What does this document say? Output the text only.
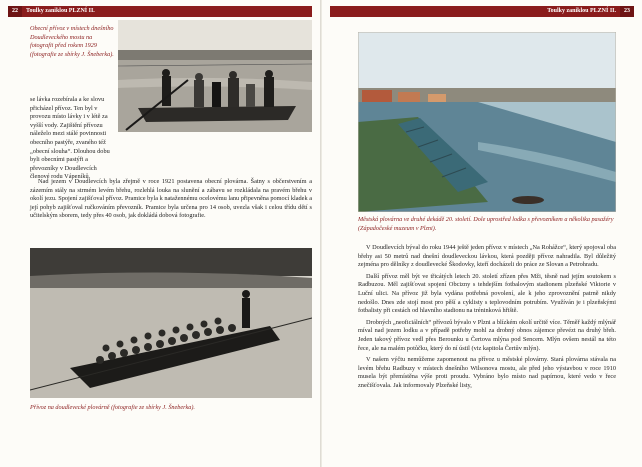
22 Toulky zaniklou PLZNÍ II.	Toulky zaniklou PLZNÍ II. 23
Obecní přívoz v místech dnešního Doudleveckého mostu na fotografii před rokem 1929 (fotografie ze sbírky J. Šneberka).

se lávka rozebírala a ke slovu přicházel přívoz. Ten byl v provozu místo lávky i v létě za vyšší vody. Zajištění přívozu náleželo mezi stálé povinnosti obecního pastýře, zvaného též „obecní slouha“. Dlouhou dobu byli obecními pastýři a převozníky v Doudlevcích členové rodu Vápeníků.

Nad jezem v Doudlevcích byla zřejmě v roce 1921 postavena obecní plovárna. Šatny s občerstvením a zázemím stály na strmém levém břehu, rozlehlá louka na slunění a zábavu se rozkládala na pravém břehu v okolí jezu. Spojení zajišťoval přívoz. Pramice byla k natažennému ocelovému lanu připevněna pomocí kladek a její pohyb zajišťoval ručkováním převozník. Pramice byla určena pro 14 osob, uvezla však i celou třídu dětí s učitelským sborem, tedy přes 40 osob, jak dokládá dobová fotografie.

Přívoz na doudlevecké plovárně (fotografie ze sbírky J. Šneberka).
Městská plovárna ve druhé dekádě 20. století. Dole uprostřed lodka s převozníkem a několika pasažéry (Západočeské muzeum v Plzni).

V Doudlevcích býval do roku 1944 ještě jeden přívoz v místech „Na Rohážce“, který spojoval oba břehy asi 50 metrů nad dnešní doudleveckou lávkou, která později přívoz nahradila. Byl důležitý zejména pro dělníky z doudlevecké Škodovky, kteří docházeli do práce ze Slovan a Petrohradu.

Další přívoz měl být ve třicátých letech 20. století zřízen přes Mži, těsně nad jejím soutokem s Radbuzou. Měl zajišťovat spojení Obcizny s tehdejším fotbalovým stadionem plzeňské Viktorie v Luční ulici. Na přívoz již byla vydána potřebná povolení, ale k jeho zprovoznění patrně nikdy nedošlo. Dnes zde stojí most pro pěší a cyklisty s teplovodním potrubím. Využíván je i plzeňskými fotbalisty při cestách od hlavního stadionu na tréninková hřiště.

Drobných „neoficiálních“ přívozů bývalo v Plzni a blízkém okolí určitě více. Těměř každý mlýnář míval nad jezem lodku a v případě potřeby mohl za drobný obnos zájemce převézt na druhý břeh. Jeden takový přívoz vedl přes Berounku u Čertova mlýna pod Sencem. Mlýn ovšem nestál na této řece, ale na malém potůčku, který do ní ústil (viz kapitola Čertův mlýn).

V našem výčtu nemůžeme zapomenout na přívoz u městské plovárny. Stará plovárna stávala na levém břehu Radbuzy v místech dnešního Wilsonova mostu, ale před jeho výstavbou v roce 1910 musela být přemístěna výše proti proudu. Vybráno bylo místo nad papírnou, které vedo v řece znečišťovala. Jak informovaly Plzeňské listy,
